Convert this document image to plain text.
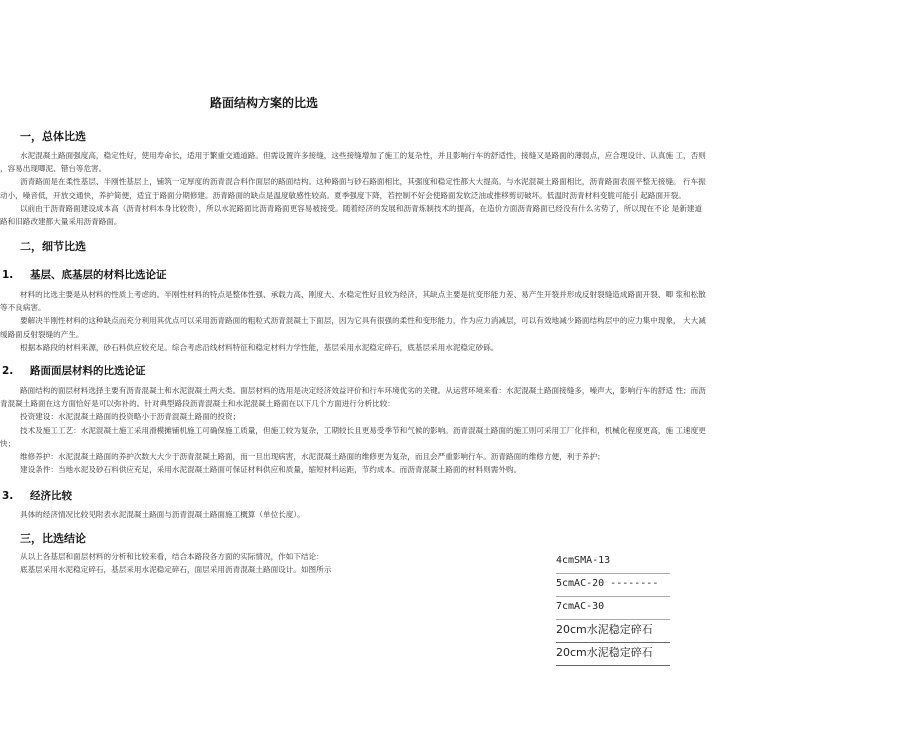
路面结构方案的比选
一，总体比选
水泥混凝土路面强度高，稳定性好，使用寿命长，适用于繁重交通道路。但需设置许多接缝，这些接缝增加了施工的复杂性，并且影响行车的舒适性，接缝又是路面的薄弱点，应合理设计、认真施 工，否则
，容易出现唧泥、错台等危害。
沥青路面是在柔性基层、半刚性基层上，铺筑一定厚度的沥青混合料作面层的路面结构。这种路面与砂石路面相比，其强度和稳定性都大大提高。与水泥混凝土路面相比，沥青路面表面平整无接缝。 行车振
动小，噪音低，开放交通快，养护简便，适宜于路面分期修建。沥青路面的缺点是温度敏感性较高。夏季强度下降，若控制不好会使路面发软泛油或推移剪切破坏。低温时沥青材料变脆可能引 起路面开裂。
以前由于沥青路面建设成本高（沥青材料本身比较贵），所以水泥路面比沥青路面更容易被接受。随着经济的发展和沥青炼制技术的提高，在造价方面沥青路面已经没有什么劣势了，所以现在不论 是新建道
路和旧路改建都大量采用沥青路面。
二，细节比选
1. 基层、底基层的材料比选论证
材料的比选主要是从材料的性质上考虑的。半刚性材料的特点是整体性强、承载力高、刚度大、水稳定性好且较为经济，其缺点主要是抗变形能力差、易产生开裂并形成反射裂缝造成路面开裂、唧 浆和松散
等不良病害。
要解决半刚性材料的这种缺点而充分利用其优点可以采用沥青路面的粗粒式沥青混凝土下面层，因为它具有很强的柔性和变形能力，作为应力消减层，可以有效地减少路面结构层中的应力集中现象， 大大减
缓路面反射裂缝的产生。
根据本路段的材料来源，砂石料供应较充足。综合考虑沿线材料特征和稳定材料力学性能，基层采用水泥稳定碎石，底基层采用水泥稳定砂砾。
2. 路面面层材料的比选论证
路面结构的面层材料选择主要有沥青混凝土和水泥混凝土两大类。面层材料的选用是决定经济效益评价和行车环境优劣的关键。从运营环境来看：水泥混凝土路面接缝多，噪声大，影响行车的舒适 性；而沥
青混凝土路面在这方面恰好是可以弥补的。针对典型路段沥青混凝土和水泥混凝土路面在以下几个方面进行分析比较：
投资建设：水泥混凝土路面的投资略小于沥青混凝土路面的投资；
技术及施工工艺：水泥混凝土施工采用滑模摊铺机施工可确保施工质量，但施工较为复杂，工期较长且更易受季节和气候的影响。沥青混凝土路面的施工则可采用工厂化拌和，机械化程度更高，施 工速度更
快；
维修养护：水泥混凝土路面的养护次数大大少于沥青混凝土路面，而一旦出现病害，水泥混凝土路面的维修更为复杂，而且会严重影响行车。沥青路面的维修方便，利于养护；
建设条件：当地水泥及砂石料供应充足，采用水泥混凝土路面可保证材料供应和质量，缩短材料运距，节约成本。而沥青混凝土路面的材料则需外购。
3. 经济比较
具体的经济情况比较见附表水泥混凝土路面与沥青混凝土路面施工概算（单位长度）。
三，比选结论
从以上各基层和面层材料的分析和比较来看，结合本路段各方面的实际情况，作如下结论：
底基层采用水泥稳定碎石，基层采用水泥稳定碎石，面层采用沥青混凝土路面设计。如图所示
4cmSMA-13
5cmAC-20 --------
7cmAC-30
20cm水泥稳定碎石
20cm水泥稳定碎石
